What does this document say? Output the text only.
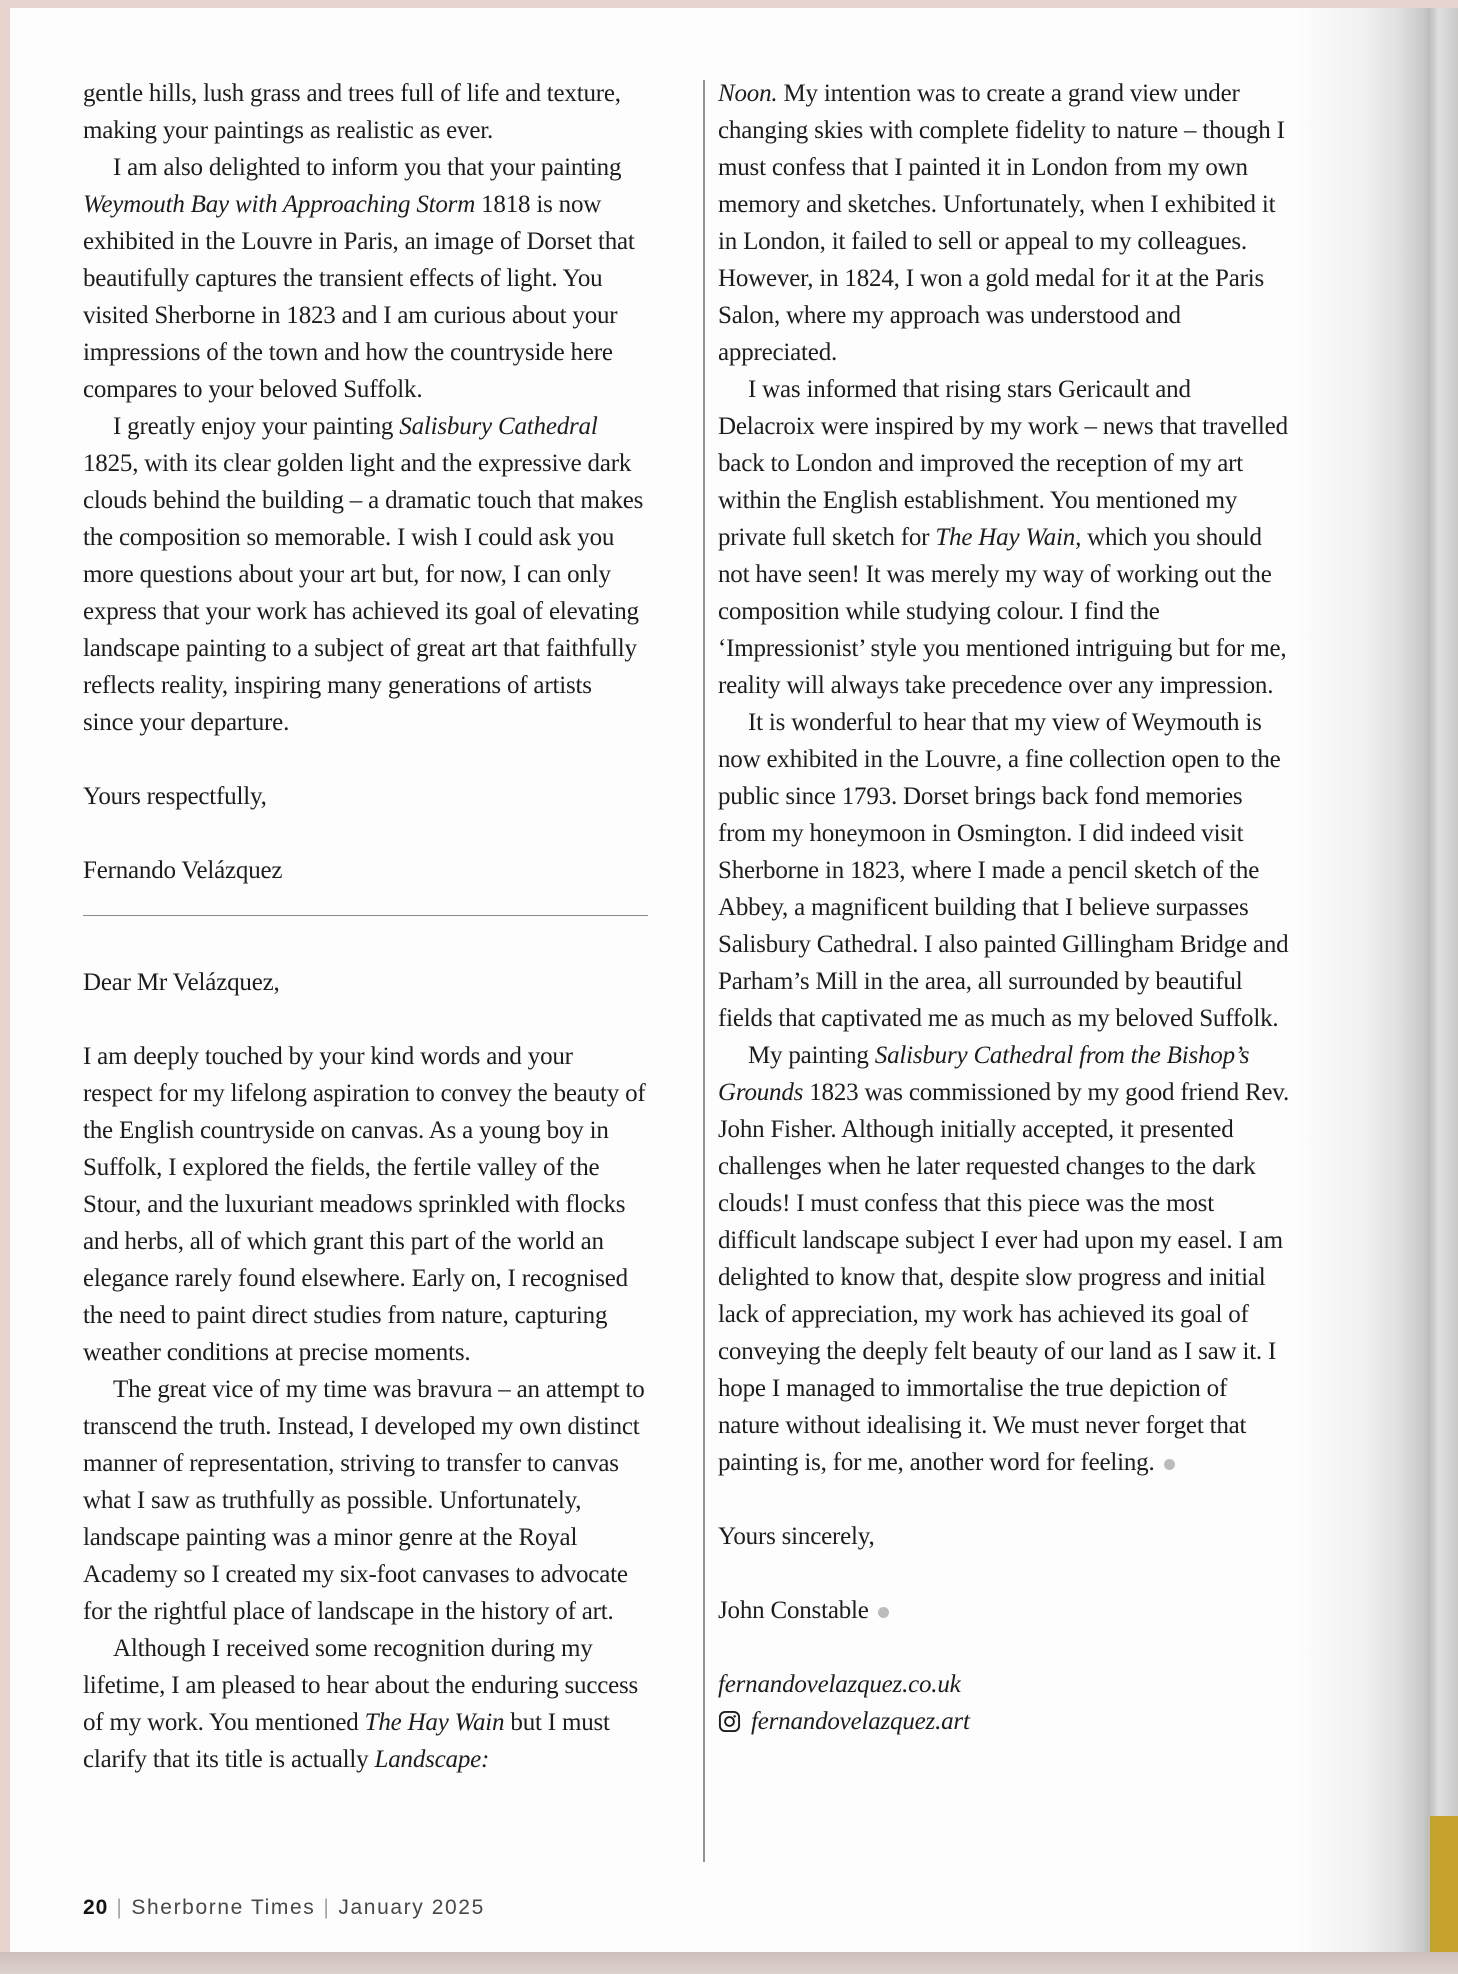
gentle hills, lush grass and trees full of life and texture, making your paintings as realistic as ever.

I am also delighted to inform you that your painting Weymouth Bay with Approaching Storm 1818 is now exhibited in the Louvre in Paris, an image of Dorset that beautifully captures the transient effects of light. You visited Sherborne in 1823 and I am curious about your impressions of the town and how the countryside here compares to your beloved Suffolk.

I greatly enjoy your painting Salisbury Cathedral 1825, with its clear golden light and the expressive dark clouds behind the building – a dramatic touch that makes the composition so memorable. I wish I could ask you more questions about your art but, for now, I can only express that your work has achieved its goal of elevating landscape painting to a subject of great art that faithfully reflects reality, inspiring many generations of artists since your departure.

Yours respectfully,

Fernando Velázquez

Dear Mr Velázquez,

I am deeply touched by your kind words and your respect for my lifelong aspiration to convey the beauty of the English countryside on canvas. As a young boy in Suffolk, I explored the fields, the fertile valley of the Stour, and the luxuriant meadows sprinkled with flocks and herbs, all of which grant this part of the world an elegance rarely found elsewhere. Early on, I recognised the need to paint direct studies from nature, capturing weather conditions at precise moments.

The great vice of my time was bravura – an attempt to transcend the truth. Instead, I developed my own distinct manner of representation, striving to transfer to canvas what I saw as truthfully as possible. Unfortunately, landscape painting was a minor genre at the Royal Academy so I created my six-foot canvases to advocate for the rightful place of landscape in the history of art.

Although I received some recognition during my lifetime, I am pleased to hear about the enduring success of my work. You mentioned The Hay Wain but I must clarify that its title is actually Landscape:

Noon. My intention was to create a grand view under changing skies with complete fidelity to nature – though I must confess that I painted it in London from my own memory and sketches. Unfortunately, when I exhibited it in London, it failed to sell or appeal to my colleagues. However, in 1824, I won a gold medal for it at the Paris Salon, where my approach was understood and appreciated.

I was informed that rising stars Gericault and Delacroix were inspired by my work – news that travelled back to London and improved the reception of my art within the English establishment. You mentioned my private full sketch for The Hay Wain, which you should not have seen! It was merely my way of working out the composition while studying colour. I find the ‘Impressionist’ style you mentioned intriguing but for me, reality will always take precedence over any impression.

It is wonderful to hear that my view of Weymouth is now exhibited in the Louvre, a fine collection open to the public since 1793. Dorset brings back fond memories from my honeymoon in Osmington. I did indeed visit Sherborne in 1823, where I made a pencil sketch of the Abbey, a magnificent building that I believe surpasses Salisbury Cathedral. I also painted Gillingham Bridge and Parham’s Mill in the area, all surrounded by beautiful fields that captivated me as much as my beloved Suffolk.

My painting Salisbury Cathedral from the Bishop’s Grounds 1823 was commissioned by my good friend Rev. John Fisher. Although initially accepted, it presented challenges when he later requested changes to the dark clouds! I must confess that this piece was the most difficult landscape subject I ever had upon my easel. I am delighted to know that, despite slow progress and initial lack of appreciation, my work has achieved its goal of conveying the deeply felt beauty of our land as I saw it. I hope I managed to immortalise the true depiction of nature without idealising it. We must never forget that painting is, for me, another word for feeling.

Yours sincerely,

John Constable

fernandovelazquez.co.uk

fernandovelazquez.art

20 | Sherborne Times | January 2025
